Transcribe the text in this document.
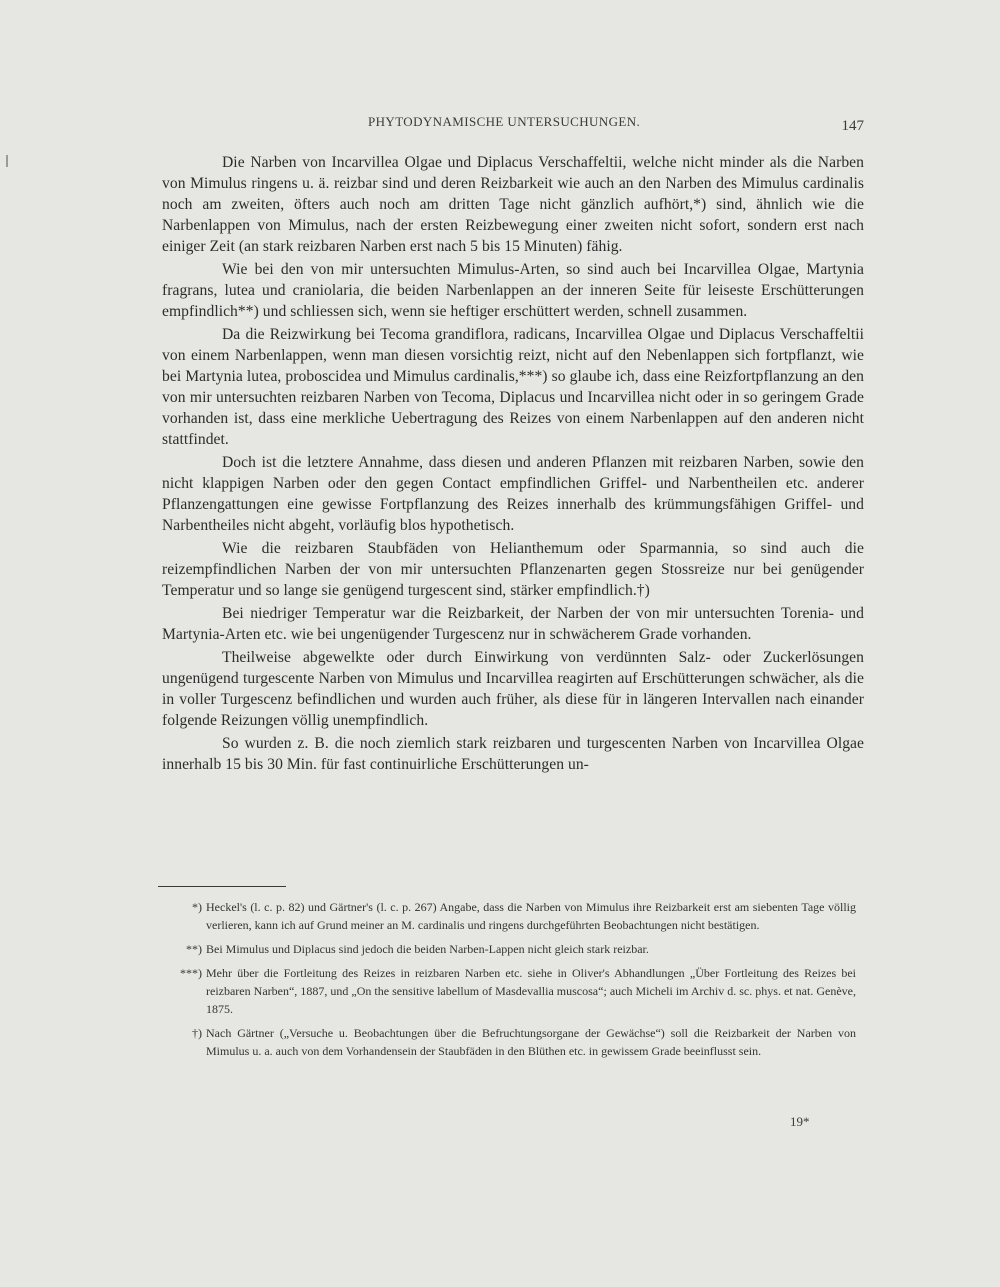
PHYTODYNAMISCHE UNTERSUCHUNGEN.	147

Die Narben von Incarvillea Olgae und Diplacus Verschaffeltii, welche nicht minder als die Narben von Mimulus ringens u. ä. reizbar sind und deren Reizbarkeit wie auch an den Narben des Mimulus cardinalis noch am zweiten, öfters auch noch am dritten Tage nicht gänzlich aufhört,*) sind, ähnlich wie die Narbenlappen von Mimulus, nach der ersten Reizbewegung einer zweiten nicht sofort, sondern erst nach einiger Zeit (an stark reizbaren Narben erst nach 5 bis 15 Minuten) fähig.

Wie bei den von mir untersuchten Mimulus-Arten, so sind auch bei Incarvillea Olgae, Martynia fragrans, lutea und craniolaria, die beiden Narbenlappen an der inneren Seite für leiseste Erschütterungen empfindlich**) und schliessen sich, wenn sie heftiger erschüttert werden, schnell zusammen.

Da die Reizwirkung bei Tecoma grandiflora, radicans, Incarvillea Olgae und Diplacus Verschaffeltii von einem Narbenlappen, wenn man diesen vorsichtig reizt, nicht auf den Nebenlappen sich fortpflanzt, wie bei Martynia lutea, proboscidea und Mimulus cardinalis,***) so glaube ich, dass eine Reizfortpflanzung an den von mir untersuchten reizbaren Narben von Tecoma, Diplacus und Incarvillea nicht oder in so geringem Grade vorhanden ist, dass eine merkliche Uebertragung des Reizes von einem Narbenlappen auf den anderen nicht stattfindet.

Doch ist die letztere Annahme, dass diesen und anderen Pflanzen mit reizbaren Narben, sowie den nicht klappigen Narben oder den gegen Contact empfindlichen Griffel- und Narbentheilen etc. anderer Pflanzengattungen eine gewisse Fortpflanzung des Reizes innerhalb des krümmungsfähigen Griffel- und Narbentheiles nicht abgeht, vorläufig blos hypothetisch.

Wie die reizbaren Staubfäden von Helianthemum oder Sparmannia, so sind auch die reizempfindlichen Narben der von mir untersuchten Pflanzenarten gegen Stossreize nur bei genügender Temperatur und so lange sie genügend turgescent sind, stärker empfindlich.†)

Bei niedriger Temperatur war die Reizbarkeit, der Narben der von mir untersuchten Torenia- und Martynia-Arten etc. wie bei ungenügender Turgescenz nur in schwächerem Grade vorhanden.

Theilweise abgewelkte oder durch Einwirkung von verdünnten Salz- oder Zuckerlösungen ungenügend turgescente Narben von Mimulus und Incarvillea reagirten auf Erschütterungen schwächer, als die in voller Turgescenz befindlichen und wurden auch früher, als diese für in längeren Intervallen nach einander folgende Reizungen völlig unempfindlich.

So wurden z. B. die noch ziemlich stark reizbaren und turgescenten Narben von Incarvillea Olgae innerhalb 15 bis 30 Min. für fast continuirliche Erschütterungen un-

*) Heckel's (l. c. p. 82) und Gärtner's (l. c. p. 267) Angabe, dass die Narben von Mimulus ihre Reizbarkeit erst am siebenten Tage völlig verlieren, kann ich auf Grund meiner an M. cardinalis und ringens durchgeführten Beobachtungen nicht bestätigen.
**) Bei Mimulus und Diplacus sind jedoch die beiden Narben-Lappen nicht gleich stark reizbar.
***) Mehr über die Fortleitung des Reizes in reizbaren Narben etc. siehe in Oliver's Abhandlungen „Über Fortleitung des Reizes bei reizbaren Narben“, 1887, und „On the sensitive labellum of Masdevallia muscosa“; auch Micheli im Archiv d. sc. phys. et nat. Genève, 1875.
†) Nach Gärtner („Versuche u. Beobachtungen über die Befruchtungsorgane der Gewächse“) soll die Reizbarkeit der Narben von Mimulus u. a. auch von dem Vorhandensein der Staubfäden in den Blüthen etc. in gewissem Grade beeinflusst sein.
19*
